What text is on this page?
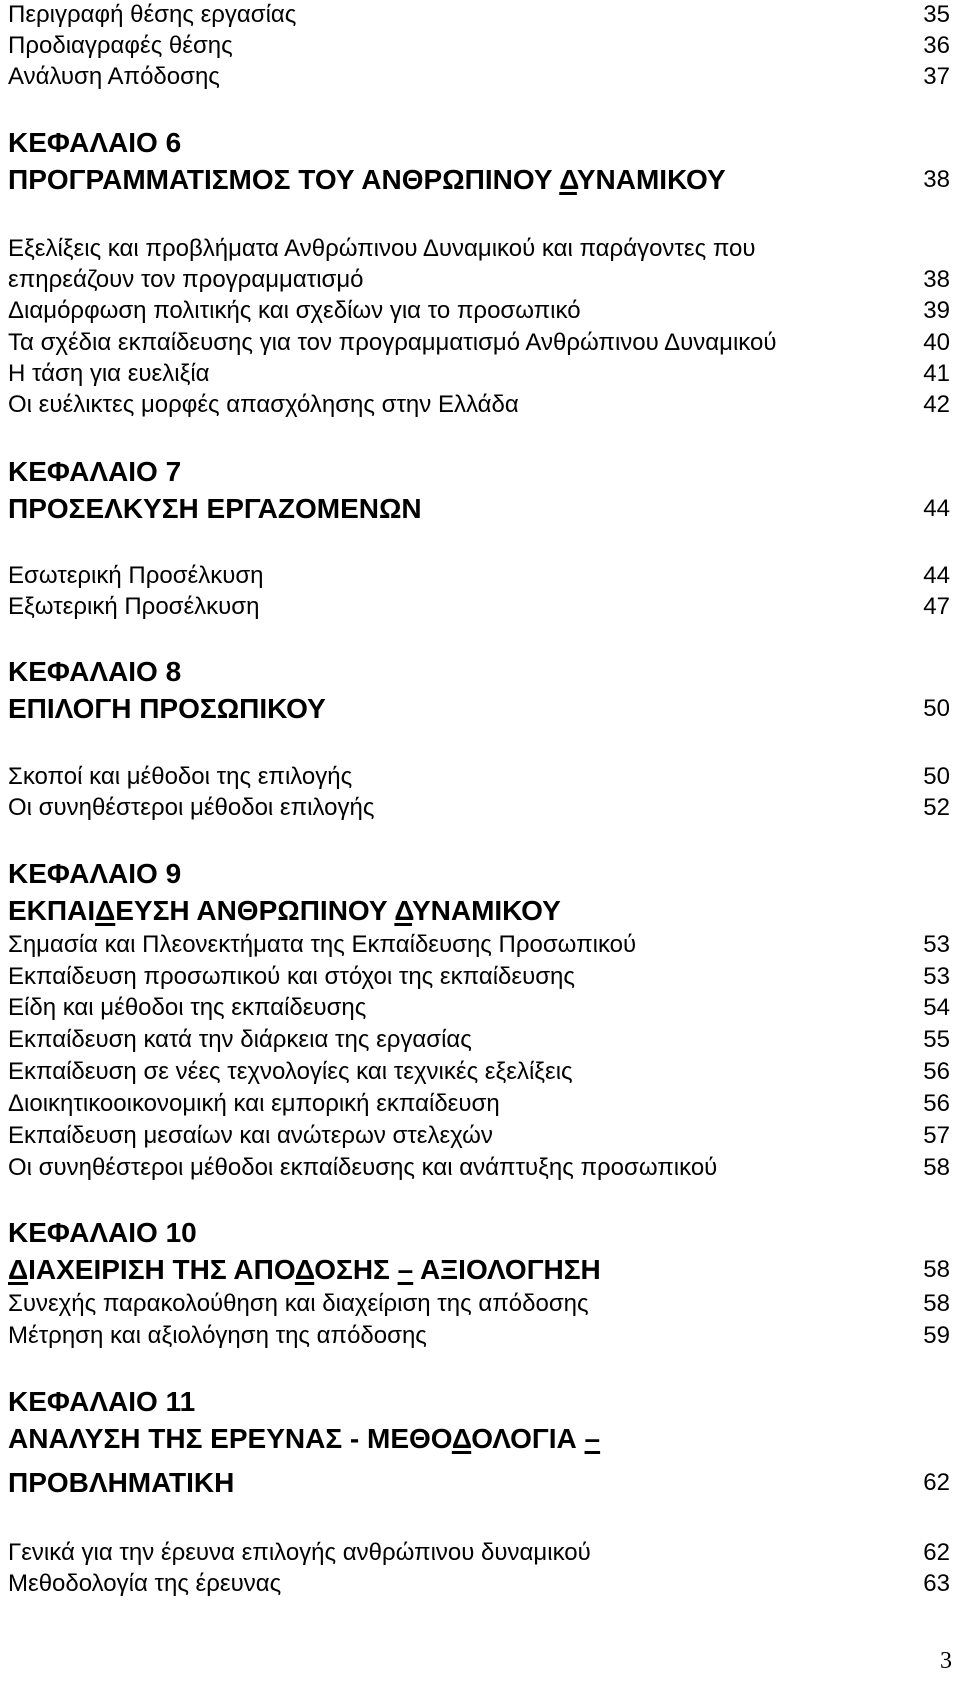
Περιγραφή θέσης εργασίας	35
Προδιαγραφές θέσης	36
Ανάλυση Απόδοσης	37
ΚΕΦΑΛΑΙΟ 6
ΠΡΟΓΡΑΜΜΑΤΙΣΜΟΣ ΤΟΥ ΑΝΘΡΩΠΙΝΟΥ ΔΥΝΑΜΙΚΟΥ	38
Εξελίξεις και προβλήματα Ανθρώπινου Δυναμικού και παράγοντες που
επηρεάζουν τον προγραμματισμό	38
Διαμόρφωση πολιτικής και σχεδίων για το προσωπικό	39
Τα σχέδια εκπαίδευσης για τον προγραμματισμό Ανθρώπινου Δυναμικού	40
Η τάση για ευελιξία	41
Οι ευέλικτες μορφές απασχόλησης στην Ελλάδα	42
ΚΕΦΑΛΑΙΟ 7
ΠΡΟΣΕΛΚΥΣΗ ΕΡΓΑΖΟΜΕΝΩΝ	44
Εσωτερική Προσέλκυση	44
Εξωτερική Προσέλκυση	47
ΚΕΦΑΛΑΙΟ 8
ΕΠΙΛΟΓΗ ΠΡΟΣΩΠΙΚΟΥ	50
Σκοποί και μέθοδοι της επιλογής	50
Οι συνηθέστεροι μέθοδοι επιλογής	52
ΚΕΦΑΛΑΙΟ 9
ΕΚΠΑΙΔΕΥΣΗ ΑΝΘΡΩΠΙΝΟΥ ΔΥΝΑΜΙΚΟΥ
Σημασία και Πλεονεκτήματα της Εκπαίδευσης Προσωπικού	53
Εκπαίδευση προσωπικού και στόχοι της εκπαίδευσης	53
Είδη και μέθοδοι της εκπαίδευσης	54
Εκπαίδευση κατά την διάρκεια της εργασίας	55
Εκπαίδευση σε νέες τεχνολογίες και τεχνικές εξελίξεις	56
Διοικητικοοικονομική και εμπορική εκπαίδευση	56
Εκπαίδευση μεσαίων και ανώτερων στελεχών	57
Οι συνηθέστεροι μέθοδοι εκπαίδευσης και ανάπτυξης προσωπικού	58
ΚΕΦΑΛΑΙΟ 10
ΔΙΑΧΕΙΡΙΣΗ ΤΗΣ ΑΠΟΔΟΣΗΣ – ΑΞΙΟΛΟΓΗΣΗ	58
Συνεχής παρακολούθηση και διαχείριση της απόδοσης	58
Μέτρηση και αξιολόγηση της απόδοσης	59
ΚΕΦΑΛΑΙΟ 11
ΑΝΑΛΥΣΗ ΤΗΣ ΕΡΕΥΝΑΣ - ΜΕΘΟΔΟΛΟΓΙΑ –
ΠΡΟΒΛΗΜΑΤΙΚΗ	62
Γενικά για την έρευνα επιλογής ανθρώπινου δυναμικού	62
Μεθοδολογία της έρευνας	63
3
